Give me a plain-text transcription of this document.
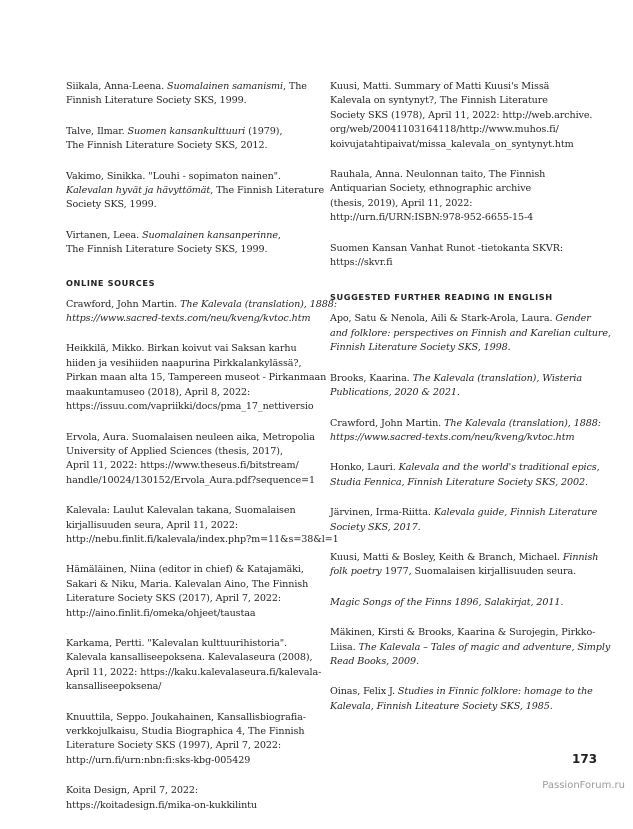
Siikala, Anna-Leena. Suomalainen samanismi, The
Finnish Literature Society SKS, 1999.

Talve, Ilmar. Suomen kansankulttuuri (1979),
The Finnish Literature Society SKS, 2012.

Vakimo, Sinikka. "Louhi - sopimaton nainen".
Kalevalan hyvät ja hävyttömät, The Finnish Literature
Society SKS, 1999.

Virtanen, Leea. Suomalainen kansanperinne,
The Finnish Literature Society SKS, 1999.

ONLINE SOURCES

Crawford, John Martin. The Kalevala (translation), 1888:
https://www.sacred-texts.com/neu/kveng/kvtoc.htm

Heikkilä, Mikko. Birkan koivut vai Saksan karhu
hiiden ja vesihiiden naapurina Pirkkalankylässä?,
Pirkan maan alta 15, Tampereen museot - Pirkanmaan
maakuntamuseo (2018), April 8, 2022:
https://issuu.com/vapriikki/docs/pma_17_nettiversio

Ervola, Aura. Suomalaisen neuleen aika, Metropolia
University of Applied Sciences (thesis, 2017),
April 11, 2022: https://www.theseus.fi/bitstream/
handle/10024/130152/Ervola_Aura.pdf?sequence=1

Kalevala: Laulut Kalevalan takana, Suomalaisen
kirjallisuuden seura, April 11, 2022:
http://nebu.finlit.fi/kalevala/index.php?m=11&s=38&l=1

Hämäläinen, Niina (editor in chief) & Katajamäki,
Sakari & Niku, Maria. Kalevalan Aino, The Finnish
Literature Society SKS (2017), April 7, 2022:
http://aino.finlit.fi/omeka/ohjeet/taustaa

Karkama, Pertti. "Kalevalan kulttuurihistoria".
Kalevala kansalliseepoksena. Kalevalaseura (2008),
April 11, 2022: https://kaku.kalevalaseura.fi/kalevala-
kansalliseepoksena/

Knuuttila, Seppo. Joukahainen, Kansallisbiografia-
verkkojulkaisu, Studia Biographica 4, The Finnish
Literature Society SKS (1997), April 7, 2022:
http://urn.fi/urn:nbn:fi:sks-kbg-005429

Koita Design, April 7, 2022:
https://koitadesign.fi/mika-on-kukkilintu

Kuusi, Matti. Summary of Matti Kuusi's Missä
Kalevala on syntynyt?, The Finnish Literature
Society SKS (1978), April 11, 2022: http://web.archive.
org/web/20041103164118/http://www.muhos.fi/
koivujatahtipaivat/missa_kalevala_on_syntynyt.htm

Rauhala, Anna. Neulonnan taito, The Finnish
Antiquarian Society, ethnographic archive
(thesis, 2019), April 11, 2022:
http://urn.fi/URN:ISBN:978-952-6655-15-4

Suomen Kansan Vanhat Runot -tietokanta SKVR:
https://skvr.fi

SUGGESTED FURTHER READING IN ENGLISH

Apo, Satu & Nenola, Aili & Stark-Arola, Laura. Gender
and folklore: perspectives on Finnish and Karelian culture,
Finnish Literature Society SKS, 1998.

Brooks, Kaarina. The Kalevala (translation), Wisteria
Publications, 2020 & 2021.

Crawford, John Martin. The Kalevala (translation), 1888:
https://www.sacred-texts.com/neu/kveng/kvtoc.htm

Honko, Lauri. Kalevala and the world's traditional epics,
Studia Fennica, Finnish Literature Society SKS, 2002.

Järvinen, Irma-Riitta. Kalevala guide, Finnish Literature
Society SKS, 2017.

Kuusi, Matti & Bosley, Keith & Branch, Michael. Finnish
folk poetry 1977, Suomalaisen kirjallisuuden seura.

Magic Songs of the Finns 1896, Salakirjat, 2011.

Mäkinen, Kirsti & Brooks, Kaarina & Surojegin, Pirkko-
Liisa. The Kalevala – Tales of magic and adventure, Simply
Read Books, 2009.

Oinas, Felix J. Studies in Finnic folklore: homage to the
Kalevala, Finnish Liteature Society SKS, 1985.

173
PassionForum.ru
